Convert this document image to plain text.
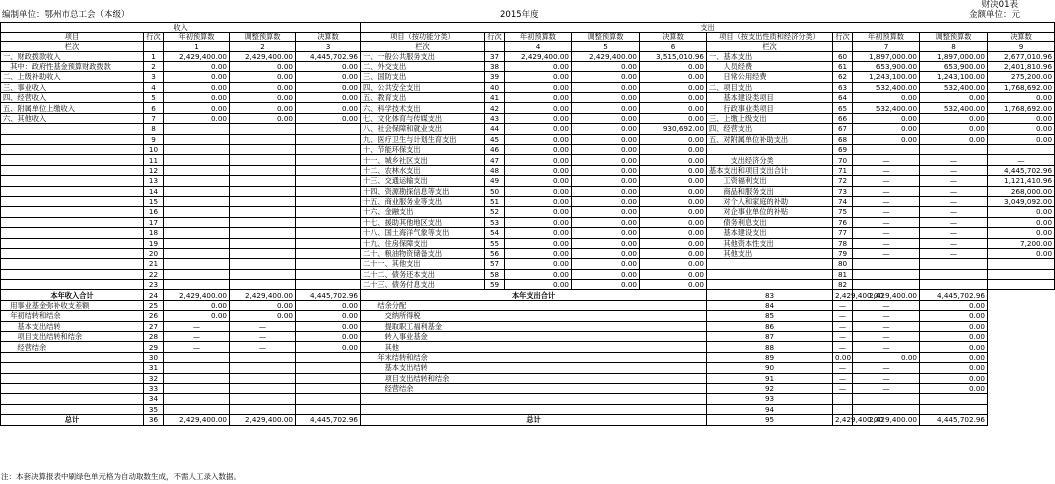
编制单位：鄂州市总工会（本级）	2015年度
财决01表
金额单位：元
收入					支出									
项目	行次	年初预算数	调整预算数	决算数	项目（按功能分类）	行次	年初预算数	调整预算数	决算数	项目（按支出性质和经济分类）	行次	年初预算数	调整预算数	决算数
栏次		1	2	3	栏次		4	5	6	栏次		7	8	9
一、财政拨款收入	1	2,429,400.00	2,429,400.00	4,445,702.96	一、一般公共服务支出	37	2,429,400.00	2,429,400.00	3,515,010.96	一、基本支出	60	1,897,000.00	1,897,000.00	2,677,010.96
　其中：政府性基金预算财政拨款	2	0.00	0.00	0.00	二、外交支出	38	0.00	0.00	0.00	　　人员经费	61	653,900.00	653,900.00	2,401,810.96
二、上级补助收入	3	0.00	0.00	0.00	三、国防支出	39	0.00	0.00	0.00	　　日常公用经费	62	1,243,100.00	1,243,100.00	275,200.00
三、事业收入	4	0.00	0.00	0.00	四、公共安全支出	40	0.00	0.00	0.00	二、项目支出	63	532,400.00	532,400.00	1,768,692.00
四、经营收入	5	0.00	0.00	0.00	五、教育支出	41	0.00	0.00	0.00	　　基本建设类项目	64	0.00	0.00	0.00
五、附属单位上缴收入	6	0.00	0.00	0.00	六、科学技术支出	42	0.00	0.00	0.00	　　行政事业类项目	65	532,400.00	532,400.00	1,768,692.00
六、其他收入	7	0.00	0.00	0.00	七、文化体育与传媒支出	43	0.00	0.00	0.00	三、上缴上级支出	66	0.00	0.00	0.00
	8				八、社会保障和就业支出	44	0.00	0.00	930,692.00	四、经营支出	67	0.00	0.00	0.00
	9				九、医疗卫生与计划生育支出	45	0.00	0.00	0.00	五、对附属单位补助支出	68	0.00	0.00	0.00
	10				十、节能环保支出	46	0.00	0.00	0.00		69			
	11				十一、城乡社区支出	47	0.00	0.00	0.00	　　　支出经济分类	70	—	—	—
	12				十二、农林水支出	48	0.00	0.00	0.00	基本支出和项目支出合计	71	—	—	4,445,702.96
	13				十三、交通运输支出	49	0.00	0.00	0.00	　　工资福利支出	72	—	—	1,121,410.96
	14				十四、资源勘探信息等支出	50	0.00	0.00	0.00	　　商品和服务支出	73	—	—	268,000.00
	15				十五、商业服务业等支出	51	0.00	0.00	0.00	　　对个人和家庭的补助	74	—	—	3,049,092.00
	16				十六、金融支出	52	0.00	0.00	0.00	　　对企事业单位的补贴	75	—	—	0.00
	17				十七、援助其他地区支出	53	0.00	0.00	0.00	　　债务利息支出	76	—	—	0.00
	18				十八、国土海洋气象等支出	54	0.00	0.00	0.00	　　基本建设支出	77	—	—	0.00
	19				十九、住房保障支出	55	0.00	0.00	0.00	　　其他资本性支出	78	—	—	7,200.00
	20				二十、粮油物资储备支出	56	0.00	0.00	0.00	　　其他支出	79	—	—	0.00
	21				二十一、其他支出	57	0.00	0.00	0.00		80			
	22				二十二、债务还本支出	58	0.00	0.00	0.00		81			
	23				二十三、债务付息支出	59	0.00	0.00	0.00		82			
本年收入合计	24	2,429,400.00	2,429,400.00	4,445,702.96	本年支出合计					83	2,429,400.00	2,429,400.00	4,445,702.96	
　用事业基金弥补收支差额	25	0.00	0.00	0.00	　　结余分配					84	—	—	0.00	
　年初结转和结余	26	0.00	0.00	0.00	　　　交纳所得税					85	—	—	0.00	
　　基本支出结转	27	—	—	0.00	　　　提取职工福利基金					86	—	—	0.00	
　　项目支出结转和结余	28	—	—	0.00	　　　转入事业基金					87	—	—	0.00	
　　经营结余	29	—	—	0.00	　　　其他					88	—	—	0.00	
	30				　　年末结转和结余					89	0.00	0.00	0.00	
	31				　　　基本支出结转					90	—	—	0.00	
	32				　　　项目支出结转和结余					91	—	—	0.00	
	33				　　　经营结余					92	—	—	0.00	
	34									93				
	35									94				
总计	36	2,429,400.00	2,429,400.00	4,445,702.96	总计					95	2,429,400.00	2,429,400.00	4,445,702.96	
注：本套决算报表中刷绿色单元格为自动取数生成，不需人工录入数据。
